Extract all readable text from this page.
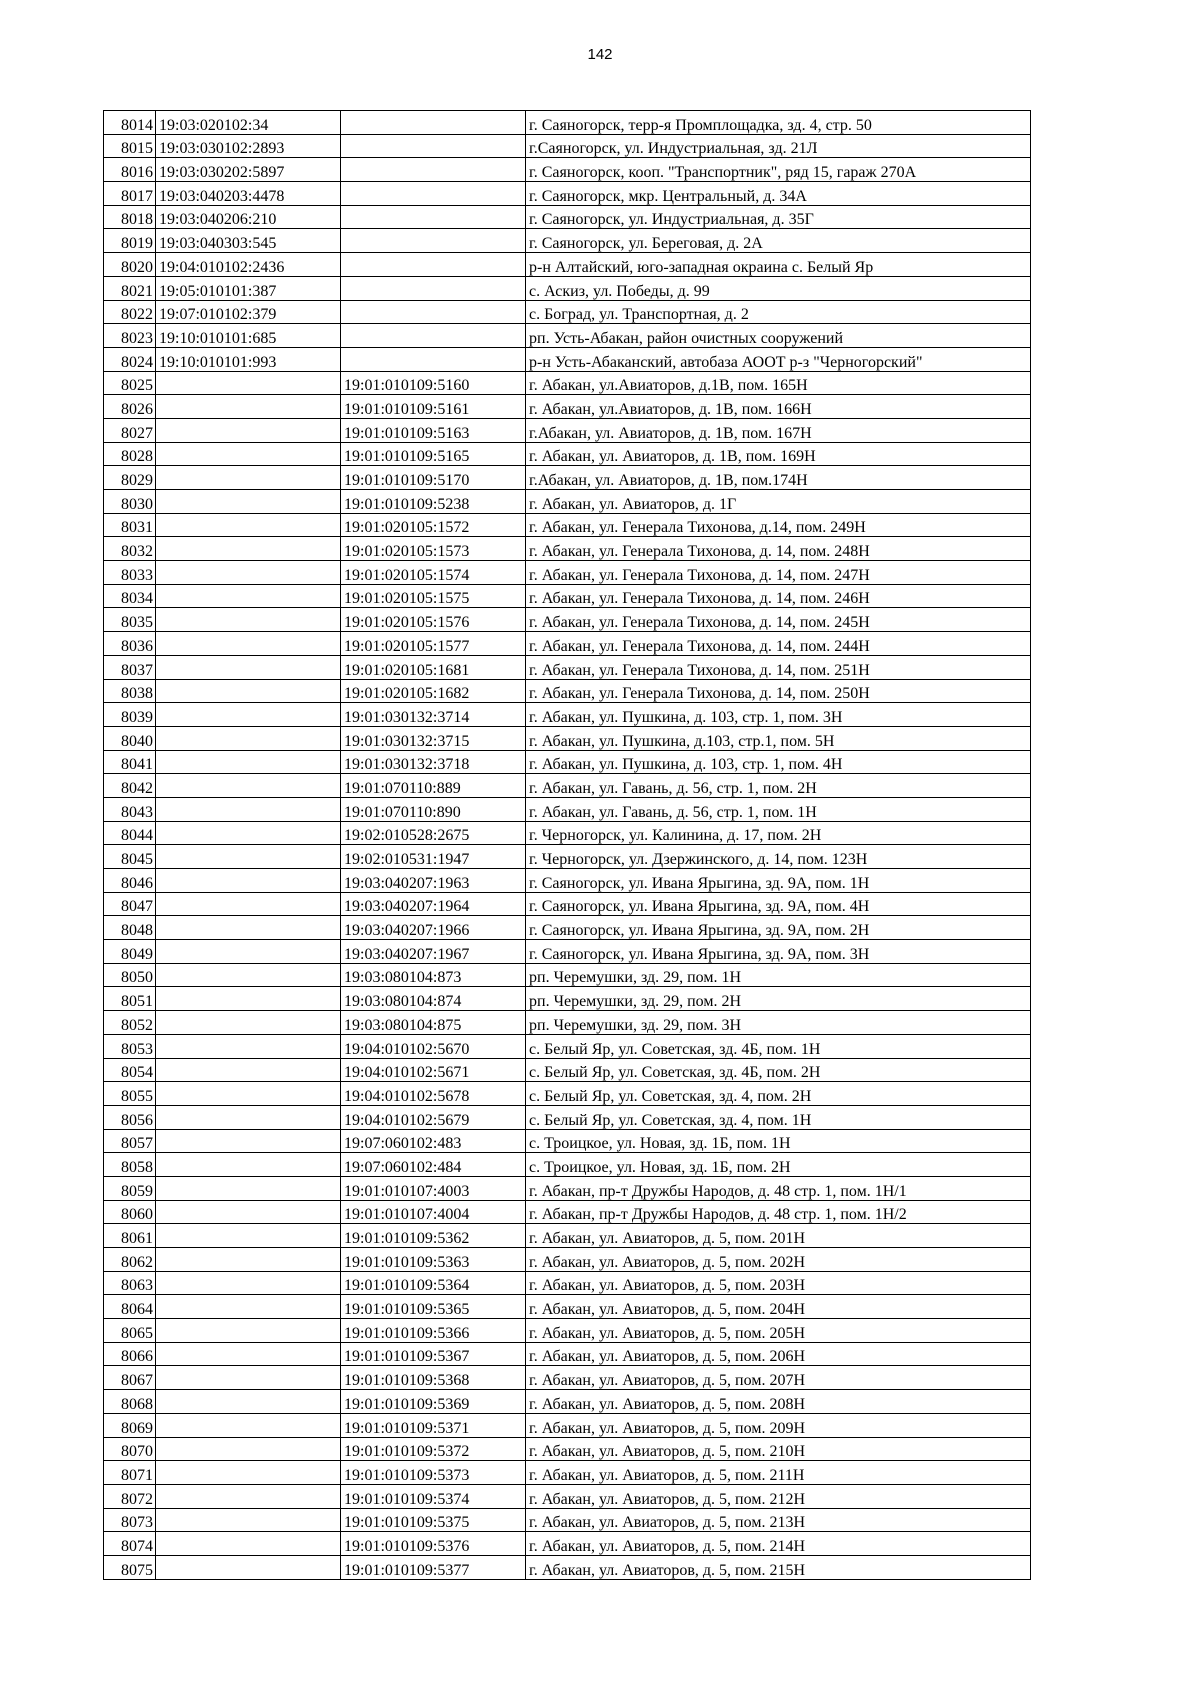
142
8014	19:03:020102:34		г. Саяногорск, терр-я Промплощадка, зд. 4, стр. 50
8015	19:03:030102:2893		г.Саяногорск, ул. Индустриальная, зд. 21Л
8016	19:03:030202:5897		г. Саяногорск, кооп. "Транспортник", ряд 15, гараж 270А
8017	19:03:040203:4478		г. Саяногорск, мкр. Центральный, д. 34А
8018	19:03:040206:210		г. Саяногорск, ул. Индустриальная, д. 35Г
8019	19:03:040303:545		г. Саяногорск, ул. Береговая, д. 2А
8020	19:04:010102:2436		р-н Алтайский, юго-западная окраина с. Белый Яр
8021	19:05:010101:387		с. Аскиз, ул. Победы, д. 99
8022	19:07:010102:379		с. Боград, ул. Транспортная, д. 2
8023	19:10:010101:685		рп. Усть-Абакан, район очистных сооружений
8024	19:10:010101:993		р-н Усть-Абаканский, автобаза АООТ р-з "Черногорский"
8025		19:01:010109:5160	г. Абакан, ул.Авиаторов, д.1В, пом. 165Н
8026		19:01:010109:5161	г. Абакан, ул.Авиаторов, д. 1В, пом. 166Н
8027		19:01:010109:5163	г.Абакан, ул. Авиаторов, д. 1В, пом. 167Н
8028		19:01:010109:5165	г. Абакан, ул. Авиаторов, д. 1В, пом. 169Н
8029		19:01:010109:5170	г.Абакан, ул. Авиаторов, д. 1В, пом.174Н
8030		19:01:010109:5238	г. Абакан, ул. Авиаторов, д. 1Г
8031		19:01:020105:1572	г. Абакан, ул. Генерала Тихонова, д.14, пом. 249Н
8032		19:01:020105:1573	г. Абакан, ул. Генерала Тихонова, д. 14, пом. 248Н
8033		19:01:020105:1574	г. Абакан, ул. Генерала Тихонова, д. 14, пом. 247Н
8034		19:01:020105:1575	г. Абакан, ул. Генерала Тихонова, д. 14, пом. 246Н
8035		19:01:020105:1576	г. Абакан, ул. Генерала Тихонова, д. 14, пом. 245Н
8036		19:01:020105:1577	г. Абакан, ул. Генерала Тихонова, д. 14, пом. 244Н
8037		19:01:020105:1681	г. Абакан, ул. Генерала Тихонова, д. 14, пом. 251Н
8038		19:01:020105:1682	г. Абакан, ул. Генерала Тихонова, д. 14, пом. 250Н
8039		19:01:030132:3714	г. Абакан, ул. Пушкина, д. 103, стр. 1, пом. 3Н
8040		19:01:030132:3715	г. Абакан, ул. Пушкина, д.103, стр.1, пом. 5Н
8041		19:01:030132:3718	г. Абакан, ул. Пушкина, д. 103, стр. 1, пом. 4Н
8042		19:01:070110:889	г. Абакан, ул. Гавань, д. 56, стр. 1, пом. 2Н
8043		19:01:070110:890	г. Абакан, ул. Гавань, д. 56, стр. 1, пом. 1Н
8044		19:02:010528:2675	г. Черногорск, ул. Калинина, д. 17, пом. 2Н
8045		19:02:010531:1947	г. Черногорск, ул. Дзержинского, д. 14, пом. 123Н
8046		19:03:040207:1963	г. Саяногорск, ул. Ивана Ярыгина, зд. 9А, пом. 1Н
8047		19:03:040207:1964	г. Саяногорск, ул. Ивана Ярыгина, зд. 9А, пом. 4Н
8048		19:03:040207:1966	г. Саяногорск, ул. Ивана Ярыгина, зд. 9А, пом. 2Н
8049		19:03:040207:1967	г. Саяногорск, ул. Ивана Ярыгина, зд. 9А, пом. 3Н
8050		19:03:080104:873	рп. Черемушки, зд. 29, пом. 1Н
8051		19:03:080104:874	рп. Черемушки, зд. 29, пом. 2Н
8052		19:03:080104:875	рп. Черемушки, зд. 29, пом. 3Н
8053		19:04:010102:5670	с. Белый Яр, ул. Советская, зд. 4Б, пом. 1Н
8054		19:04:010102:5671	с. Белый Яр, ул. Советская, зд. 4Б, пом. 2Н
8055		19:04:010102:5678	с. Белый Яр, ул. Советская, зд. 4, пом. 2Н
8056		19:04:010102:5679	с. Белый Яр, ул. Советская, зд. 4, пом. 1Н
8057		19:07:060102:483	с. Троицкое, ул. Новая, зд. 1Б, пом. 1Н
8058		19:07:060102:484	с. Троицкое, ул. Новая, зд. 1Б, пом. 2Н
8059		19:01:010107:4003	г. Абакан, пр-т Дружбы Народов, д. 48 стр. 1, пом. 1Н/1
8060		19:01:010107:4004	г. Абакан, пр-т Дружбы Народов, д. 48 стр. 1, пом. 1Н/2
8061		19:01:010109:5362	г. Абакан, ул. Авиаторов, д. 5, пом. 201Н
8062		19:01:010109:5363	г. Абакан, ул. Авиаторов, д. 5, пом. 202Н
8063		19:01:010109:5364	г. Абакан, ул. Авиаторов, д. 5, пом. 203Н
8064		19:01:010109:5365	г. Абакан, ул. Авиаторов, д. 5, пом. 204Н
8065		19:01:010109:5366	г. Абакан, ул. Авиаторов, д. 5, пом. 205Н
8066		19:01:010109:5367	г. Абакан, ул. Авиаторов, д. 5, пом. 206Н
8067		19:01:010109:5368	г. Абакан, ул. Авиаторов, д. 5, пом. 207Н
8068		19:01:010109:5369	г. Абакан, ул. Авиаторов, д. 5, пом. 208Н
8069		19:01:010109:5371	г. Абакан, ул. Авиаторов, д. 5, пом. 209Н
8070		19:01:010109:5372	г. Абакан, ул. Авиаторов, д. 5, пом. 210Н
8071		19:01:010109:5373	г. Абакан, ул. Авиаторов, д. 5, пом. 211Н
8072		19:01:010109:5374	г. Абакан, ул. Авиаторов, д. 5, пом. 212Н
8073		19:01:010109:5375	г. Абакан, ул. Авиаторов, д. 5, пом. 213Н
8074		19:01:010109:5376	г. Абакан, ул. Авиаторов, д. 5, пом. 214Н
8075		19:01:010109:5377	г. Абакан, ул. Авиаторов, д. 5, пом. 215Н
